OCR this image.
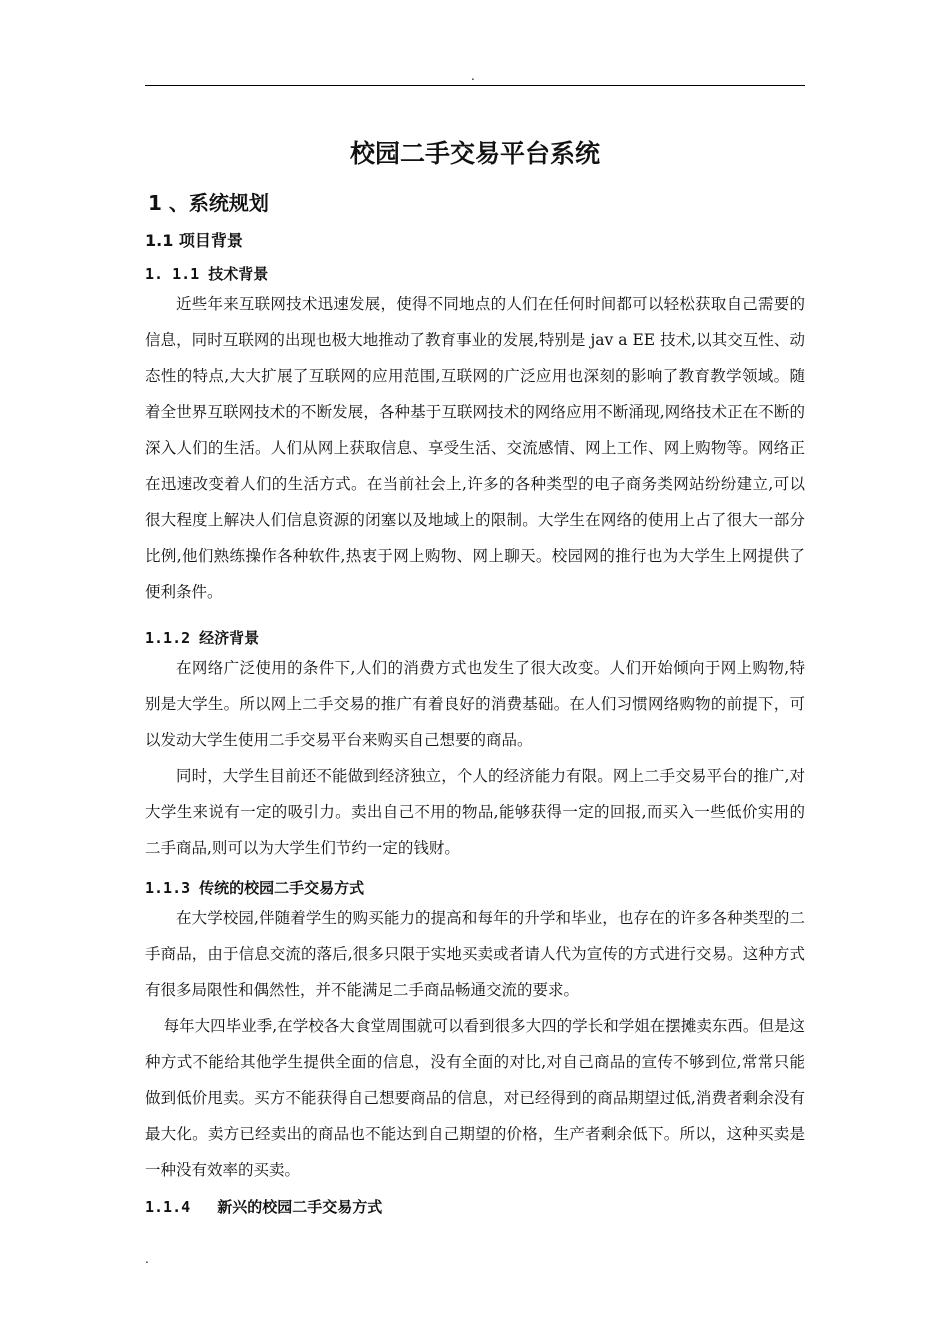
.
校园二手交易平台系统
1 、系统规划
1.1 项目背景
1. 1.1 技术背景

近些年来互联网技术迅速发展，使得不同地点的人们在任何时间都可以轻松获取自己需要的信息，同时互联网的出现也极大地推动了教育事业的发展,特别是 jav a EE 技术,以其交互性、动态性的特点,大大扩展了互联网的应用范围,互联网的广泛应用也深刻的影响了教育教学领域。随着全世界互联网技术的不断发展，各种基于互联网技术的网络应用不断涌现,网络技术正在不断的深入人们的生活。人们从网上获取信息、享受生活、交流感情、网上工作、网上购物等。网络正在迅速改变着人们的生活方式。在当前社会上,许多的各种类型的电子商务类网站纷纷建立,可以很大程度上解决人们信息资源的闭塞以及地域上的限制。大学生在网络的使用上占了很大一部分比例,他们熟练操作各种软件,热衷于网上购物、网上聊天。校园网的推行也为大学生上网提供了便利条件。

1.1.2 经济背景

在网络广泛使用的条件下,人们的消费方式也发生了很大改变。人们开始倾向于网上购物,特别是大学生。所以网上二手交易的推广有着良好的消费基础。在人们习惯网络购物的前提下，可以发动大学生使用二手交易平台来购买自己想要的商品。

同时，大学生目前还不能做到经济独立，个人的经济能力有限。网上二手交易平台的推广,对大学生来说有一定的吸引力。卖出自己不用的物品,能够获得一定的回报,而买入一些低价实用的二手商品,则可以为大学生们节约一定的钱财。

1.1.3 传统的校园二手交易方式

在大学校园,伴随着学生的购买能力的提高和每年的升学和毕业，也存在的许多各种类型的二手商品，由于信息交流的落后,很多只限于实地买卖或者请人代为宣传的方式进行交易。这种方式有很多局限性和偶然性，并不能满足二手商品畅通交流的要求。

每年大四毕业季,在学校各大食堂周围就可以看到很多大四的学长和学姐在摆摊卖东西。但是这种方式不能给其他学生提供全面的信息，没有全面的对比,对自己商品的宣传不够到位,常常只能做到低价甩卖。买方不能获得自己想要商品的信息，对已经得到的商品期望过低,消费者剩余没有最大化。卖方已经卖出的商品也不能达到自己期望的价格，生产者剩余低下。所以，这种买卖是一种没有效率的买卖。

1.1.4   新兴的校园二手交易方式
.
